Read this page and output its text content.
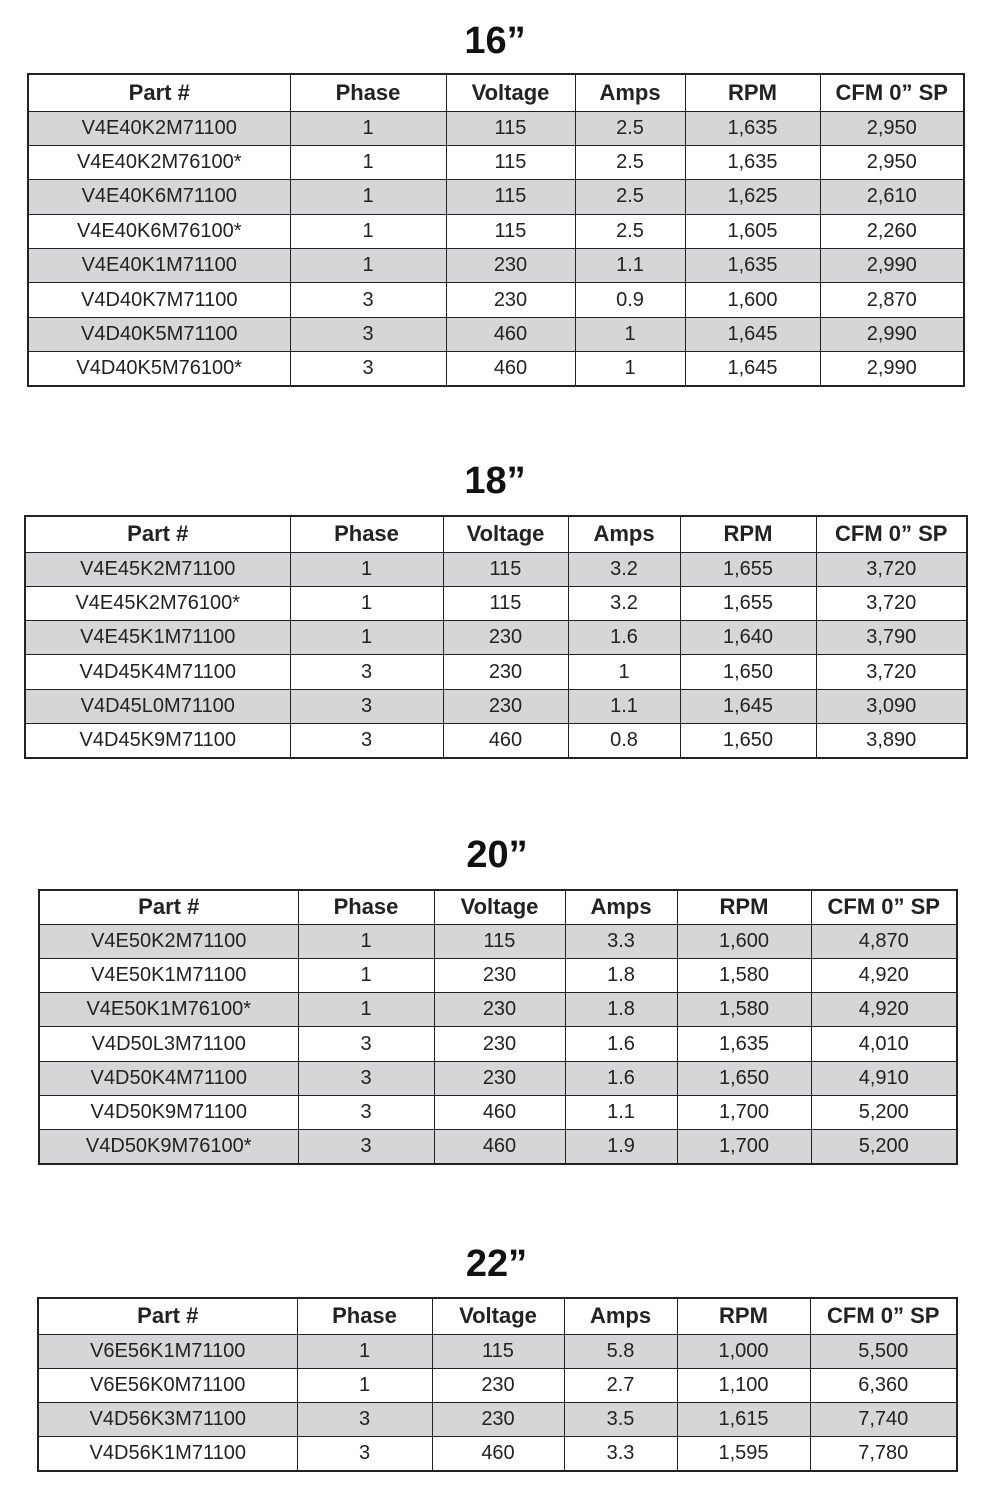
16”
Part #	Phase	Voltage	Amps	RPM	CFM 0” SP
V4E40K2M71100	1	115	2.5	1,635	2,950
V4E40K2M76100*	1	115	2.5	1,635	2,950
V4E40K6M71100	1	115	2.5	1,625	2,610
V4E40K6M76100*	1	115	2.5	1,605	2,260
V4E40K1M71100	1	230	1.1	1,635	2,990
V4D40K7M71100	3	230	0.9	1,600	2,870
V4D40K5M71100	3	460	1	1,645	2,990
V4D40K5M76100*	3	460	1	1,645	2,990
18”
Part #	Phase	Voltage	Amps	RPM	CFM 0” SP
V4E45K2M71100	1	115	3.2	1,655	3,720
V4E45K2M76100*	1	115	3.2	1,655	3,720
V4E45K1M71100	1	230	1.6	1,640	3,790
V4D45K4M71100	3	230	1	1,650	3,720
V4D45L0M71100	3	230	1.1	1,645	3,090
V4D45K9M71100	3	460	0.8	1,650	3,890
20”
Part #	Phase	Voltage	Amps	RPM	CFM 0” SP
V4E50K2M71100	1	115	3.3	1,600	4,870
V4E50K1M71100	1	230	1.8	1,580	4,920
V4E50K1M76100*	1	230	1.8	1,580	4,920
V4D50L3M71100	3	230	1.6	1,635	4,010
V4D50K4M71100	3	230	1.6	1,650	4,910
V4D50K9M71100	3	460	1.1	1,700	5,200
V4D50K9M76100*	3	460	1.9	1,700	5,200
22”
Part #	Phase	Voltage	Amps	RPM	CFM 0” SP
V6E56K1M71100	1	115	5.8	1,000	5,500
V6E56K0M71100	1	230	2.7	1,100	6,360
V4D56K3M71100	3	230	3.5	1,615	7,740
V4D56K1M71100	3	460	3.3	1,595	7,780
